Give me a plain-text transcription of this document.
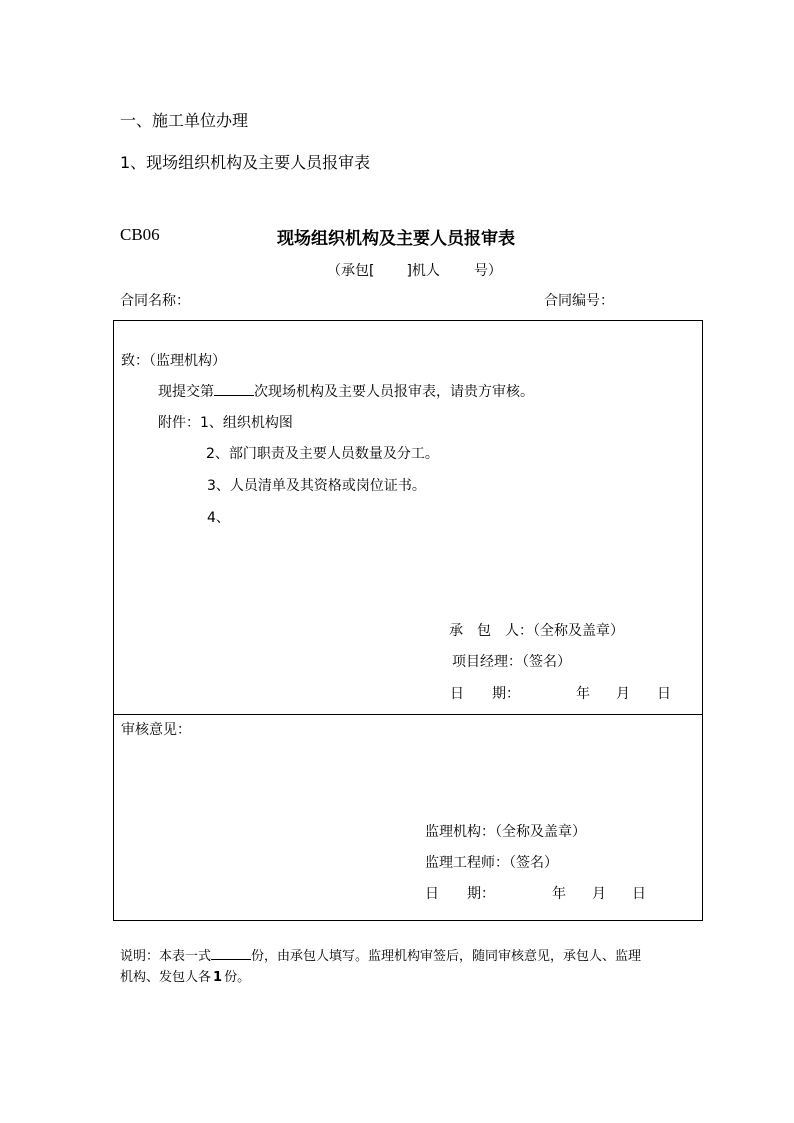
一、施工单位办理
1、现场组织机构及主要人员报审表
CB06	现场组织机构及主要人员报审表
（承包[ ]机人 号）
合同名称：	合同编号：
致：（监理机构）
现提交第	次现场机构及主要人员报审表，请贵方审核。
附件：1、组织机构图
2、部门职责及主要人员数量及分工。
3、人员清单及其资格或岗位证书。
4、
承　包　人：（全称及盖章）
项目经理：（签名）
日　　期：	年 月 日
审核意见：
监理机构：（全称及盖章）
监理工程师：（签名）
日　　期：	年 月 日
说明：本表一式	份，由承包人填写。监理机构审签后，随同审核意见，承包人、监理
机构、发包人各 1 份。
